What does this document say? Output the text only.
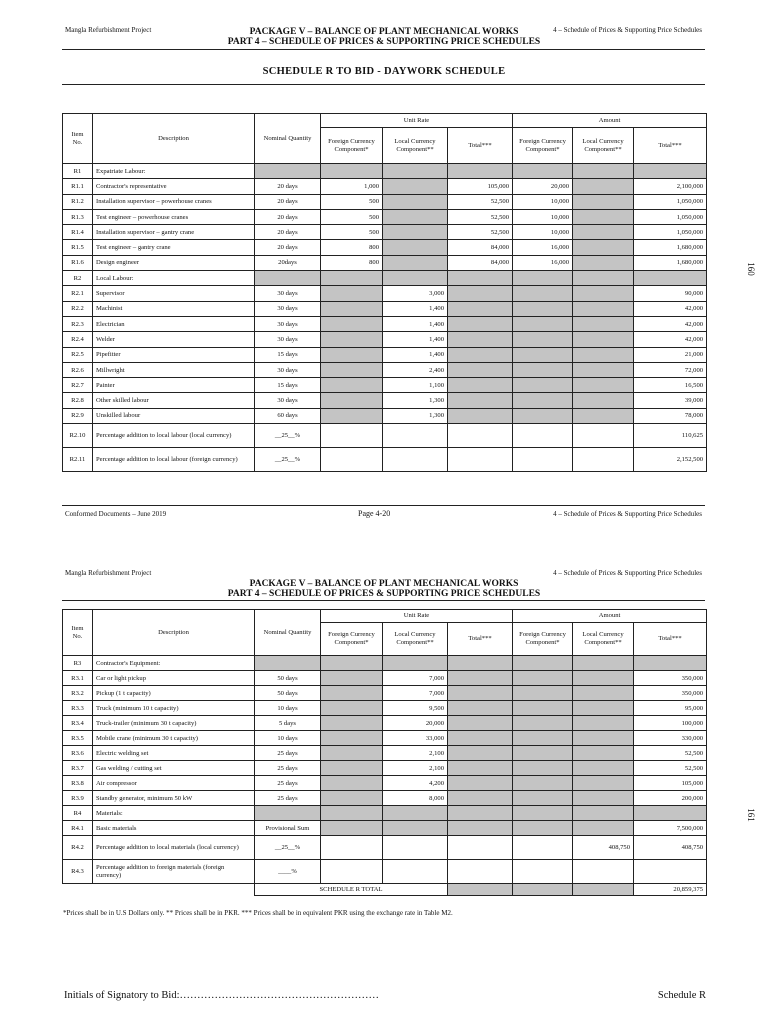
Mangla Refurbishment Project	4 – Schedule of Prices & Supporting Price Schedules
PACKAGE V – BALANCE OF PLANT MECHANICAL WORKS
PART 4 – SCHEDULE OF PRICES & SUPPORTING PRICE SCHEDULES
SCHEDULE R TO BID - DAYWORK SCHEDULE
Item No.	Description	Nominal Quantity	Unit Rate			Amount		
			Foreign Currency Component*	Local Currency Component**	Total***	Foreign Currency Component*	Local Currency Component**	Total***
R1	Expatriate Labour:							
R1.1	Contractor's representative	20 days	1,000		105,000	20,000		2,100,000
R1.2	Installation supervisor – powerhouse cranes	20 days	500		52,500	10,000		1,050,000
R1.3	Test engineer – powerhouse cranes	20 days	500		52,500	10,000		1,050,000
R1.4	Installation supervisor – gantry crane	20 days	500		52,500	10,000		1,050,000
R1.5	Test engineer – gantry crane	20 days	800		84,000	16,000		1,680,000
R1.6	Design engineer	20days	800		84,000	16,000		1,680,000
R2	Local Labour:							
R2.1	Supervisor	30 days		3,000				90,000
R2.2	Machinist	30 days		1,400				42,000
R2.3	Electrician	30 days		1,400				42,000
R2.4	Welder	30 days		1,400				42,000
R2.5	Pipefitter	15 days		1,400				21,000
R2.6	Millwright	30 days		2,400				72,000
R2.7	Painter	15 days		1,100				16,500
R2.8	Other skilled labour	30 days		1,300				39,000
R2.9	Unskilled labour	60 days		1,300				78,000
R2.10	Percentage addition to local labour (local currency)	__25__%						110,625
R2.11	Percentage addition to local labour (foreign currency)	__25__%						2,152,500
Conformed Documents – June 2019	Page 4-20	4 – Schedule of Prices & Supporting Price Schedules
160
Mangla Refurbishment Project	4 – Schedule of Prices & Supporting Price Schedules
PACKAGE V – BALANCE OF PLANT MECHANICAL WORKS
PART 4 – SCHEDULE OF PRICES & SUPPORTING PRICE SCHEDULES
Item No.	Description	Nominal Quantity	Unit Rate			Amount		
			Foreign Currency Component*	Local Currency Component**	Total***	Foreign Currency Component*	Local Currency Component**	Total***
R3	Contractor's Equipment:							
R3.1	Car or light pickup	50 days		7,000				350,000
R3.2	Pickup (1 t capacity)	50 days		7,000				350,000
R3.3	Truck (minimum 10 t capacity)	10 days		9,500				95,000
R3.4	Truck-trailer (minimum 30 t capacity)	5 days		20,000				100,000
R3.5	Mobile crane (minimum 30 t capacity)	10 days		33,000				330,000
R3.6	Electric welding set	25 days		2,100				52,500
R3.7	Gas welding / cutting set	25 days		2,100				52,500
R3.8	Air compressor	25 days		4,200				105,000
R3.9	Standby generator, minimum 50 kW	25 days		8,000				200,000
R4	Materials:							
R4.1	Basic materials	Provisional Sum						7,500,000
R4.2	Percentage addition to local materials (local currency)	__25__%					408,750	408,750
R4.3	Percentage addition to foreign materials (foreign currency)	____%						
		SCHEDULE R TOTAL						20,859,375
*Prices shall be in U.S Dollars only. ** Prices shall be in PKR. *** Prices shall be in equivalent PKR using the exchange rate in Table M2.
161
Initials of Signatory to Bid:…………………………………………………	Schedule R
